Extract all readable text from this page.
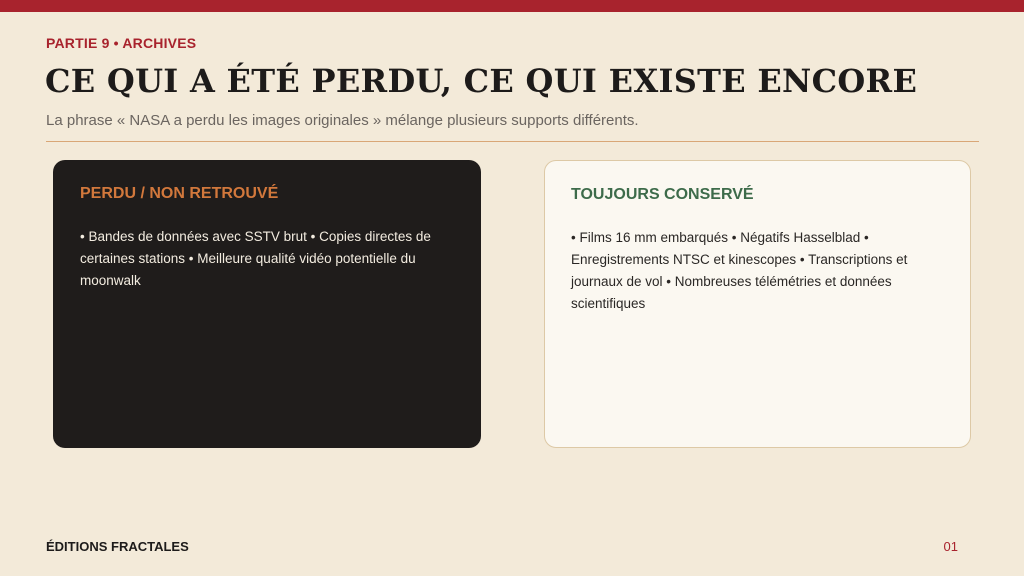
PARTIE 9 • ARCHIVES
CE QUI A ÉTÉ PERDU, CE QUI EXISTE ENCORE
La phrase « NASA a perdu les images originales » mélange plusieurs supports différents.
PERDU / NON RETROUVÉ

• Bandes de données avec SSTV brut • Copies directes de certaines stations • Meilleure qualité vidéo potentielle du moonwalk

TOUJOURS CONSERVÉ

• Films 16 mm embarqués • Négatifs Hasselblad • Enregistrements NTSC et kinescopes • Transcriptions et journaux de vol • Nombreuses télémétries et données scientifiques

ÉDITIONS FRACTALES	01
